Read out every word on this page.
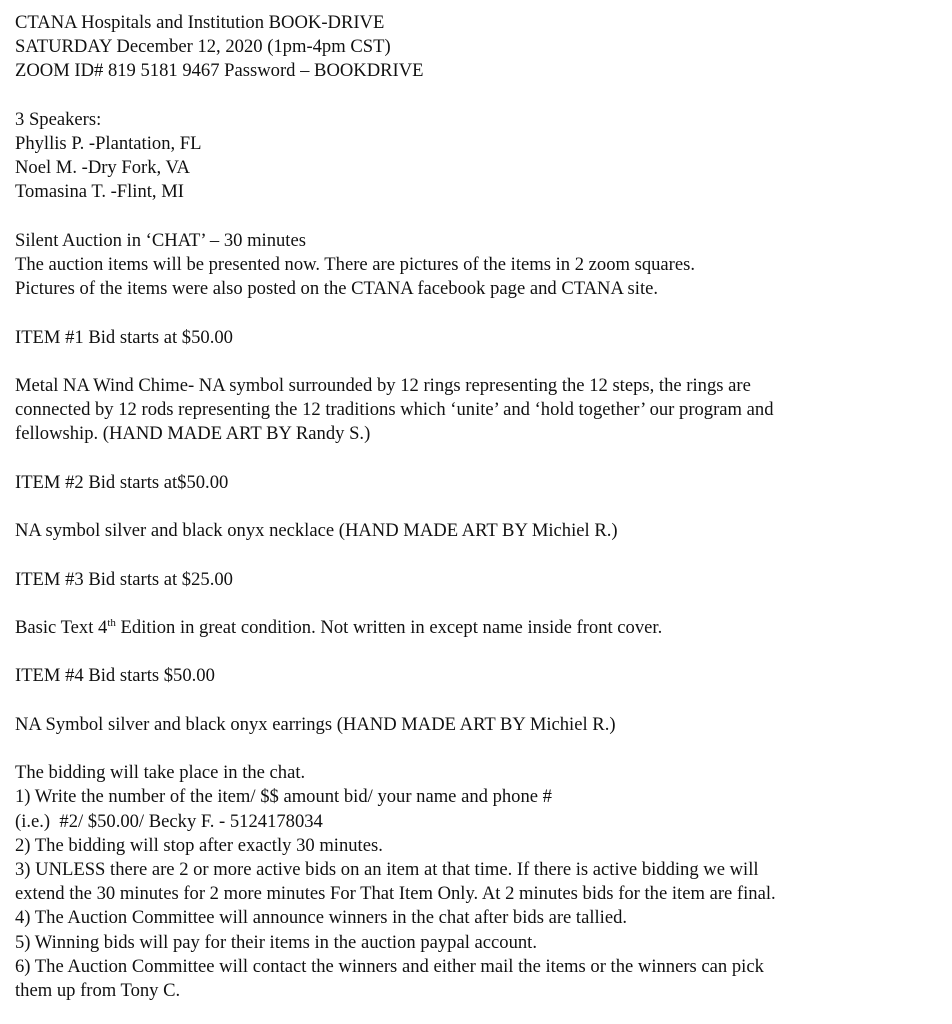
CTANA Hospitals and Institution BOOK-DRIVE
SATURDAY December 12, 2020 (1pm-4pm CST)
ZOOM ID# 819 5181 9467 Password – BOOKDRIVE
3 Speakers:
Phyllis P. -Plantation, FL
Noel M. -Dry Fork, VA
Tomasina T. -Flint, MI
Silent Auction in ‘CHAT’ – 30 minutes
The auction items will be presented now. There are pictures of the items in 2 zoom squares.
Pictures of the items were also posted on the CTANA facebook page and CTANA site.
ITEM #1 Bid starts at $50.00
Metal NA Wind Chime- NA symbol surrounded by 12 rings representing the 12 steps, the rings are
connected by 12 rods representing the 12 traditions which ‘unite’ and ‘hold together’ our program and
fellowship. (HAND MADE ART BY Randy S.)
ITEM #2 Bid starts at$50.00
NA symbol silver and black onyx necklace (HAND MADE ART BY Michiel R.)
ITEM #3 Bid starts at $25.00
Basic Text 4th Edition in great condition. Not written in except name inside front cover.
ITEM #4 Bid starts $50.00
NA Symbol silver and black onyx earrings (HAND MADE ART BY Michiel R.)
The bidding will take place in the chat.
1) Write the number of the item/ $$ amount bid/ your name and phone #
(i.e.)  #2/ $50.00/ Becky F. - 5124178034
2) The bidding will stop after exactly 30 minutes.
3) UNLESS there are 2 or more active bids on an item at that time. If there is active bidding we will
extend the 30 minutes for 2 more minutes For That Item Only. At 2 minutes bids for the item are final.
4) The Auction Committee will announce winners in the chat after bids are tallied.
5) Winning bids will pay for their items in the auction paypal account.
6) The Auction Committee will contact the winners and either mail the items or the winners can pick
them up from Tony C.
